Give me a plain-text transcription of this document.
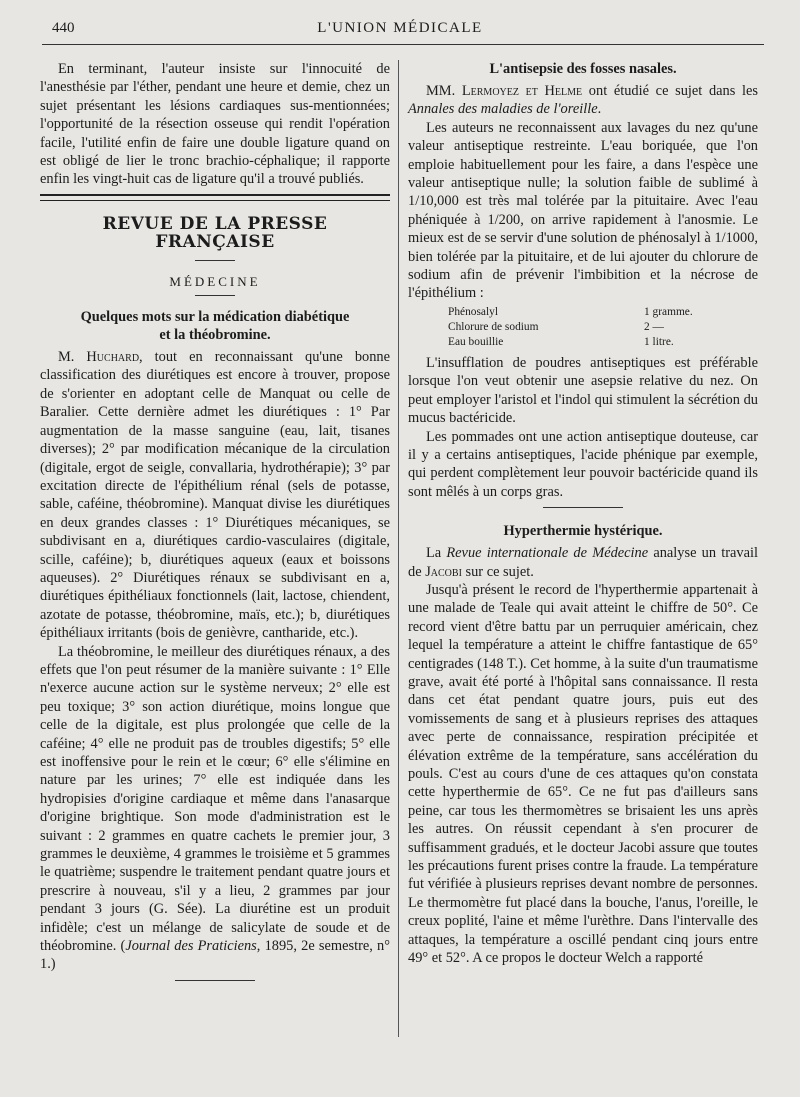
440	L'UNION MÉDICALE

En terminant, l'auteur insiste sur l'innocuité de l'anesthésie par l'éther, pendant une heure et demie, chez un sujet présentant les lésions cardiaques sus-mentionnées; l'opportunité de la résection osseuse qui rendit l'opération facile, l'utilité enfin de faire une double ligature quand on est obligé de lier le tronc brachio-céphalique; il rapporte enfin les vingt-huit cas de ligature qu'il a trouvé publiés.

REVUE DE LA PRESSE FRANÇAISE
MÉDECINE
Quelques mots sur la médication diabétique
et la théobromine.

M. Huchard, tout en reconnaissant qu'une bonne classification des diurétiques est encore à trouver, propose de s'orienter en adoptant celle de Manquat ou celle de Baralier. Cette dernière admet les diurétiques : 1° Par augmentation de la masse sanguine (eau, lait, tisanes diverses); 2° par modification mécanique de la circulation (digitale, ergot de seigle, convallaria, hydrothérapie); 3° par excitation directe de l'épithélium rénal (sels de potasse, sable, caféine, théobromine). Manquat divise les diurétiques en deux grandes classes : 1° Diurétiques mécaniques, se subdivisant en a, diurétiques cardio-vasculaires (digitale, scille, caféine); b, diurétiques aqueux (eaux et boissons aqueuses). 2° Diurétiques rénaux se subdivisant en a, diurétiques épithéliaux fonctionnels (lait, lactose, chiendent, azotate de potasse, théobromine, maïs, etc.); b, diurétiques épithéliaux irritants (bois de genièvre, cantharide, etc.).

La théobromine, le meilleur des diurétiques rénaux, a des effets que l'on peut résumer de la manière suivante : 1° Elle n'exerce aucune action sur le système nerveux; 2° elle est peu toxique; 3° son action diurétique, moins longue que celle de la digitale, est plus prolongée que celle de la caféine; 4° elle ne produit pas de troubles digestifs; 5° elle est inoffensive pour le rein et le cœur; 6° elle s'élimine en nature par les urines; 7° elle est indiquée dans les hydropisies d'origine cardiaque et même dans l'anasarque d'origine brightique. Son mode d'administration est le suivant : 2 grammes en quatre cachets le premier jour, 3 grammes le deuxième, 4 grammes le troisième et 5 grammes le quatrième; suspendre le traitement pendant quatre jours et prescrire à nouveau, s'il y a lieu, 2 grammes par jour pendant 3 jours (G. Sée). La diurétine est un produit infidèle; c'est un mélange de salicylate de soude et de théobromine. (Journal des Praticiens, 1895, 2e semestre, n° 1.)

L'antisepsie des fosses nasales.

MM. Lermoyez et Helme ont étudié ce sujet dans les Annales des maladies de l'oreille.

Les auteurs ne reconnaissent aux lavages du nez qu'une valeur antiseptique restreinte. L'eau boriquée, que l'on emploie habituellement pour les faire, a dans l'espèce une valeur antiseptique nulle; la solution faible de sublimé à 1/10,000 est très mal tolérée par la pituitaire. Avec l'eau phéniquée à 1/200, on arrive rapidement à l'anosmie. Le mieux est de se servir d'une solution de phénosalyl à 1/1000, bien tolérée par la pituitaire, et de lui ajouter du chlorure de sodium afin de prévenir l'imbibition et la nécrose de l'épithélium :

Phénosalyl	1 gramme.
Chlorure de sodium	2 —
Eau bouillie	1 litre.

L'insufflation de poudres antiseptiques est préférable lorsque l'on veut obtenir une asepsie relative du nez. On peut employer l'aristol et l'indol qui stimulent la sécrétion du mucus bactéricide.

Les pommades ont une action antiseptique douteuse, car il y a certains antiseptiques, l'acide phénique par exemple, qui perdent complètement leur pouvoir bactéricide quand ils sont mêlés à un corps gras.

Hyperthermie hystérique.

La Revue internationale de Médecine analyse un travail de Jacobi sur ce sujet.

Jusqu'à présent le record de l'hyperthermie appartenait à une malade de Teale qui avait atteint le chiffre de 50°. Ce record vient d'être battu par un perruquier américain, chez lequel la température a atteint le chiffre fantastique de 65° centigrades (148 T.). Cet homme, à la suite d'un traumatisme grave, avait été porté à l'hôpital sans connaissance. Il resta dans cet état pendant quatre jours, puis eut des vomissements de sang et à plusieurs reprises des attaques avec perte de connaissance, respiration précipitée et élévation extrême de la température, sans accélération du pouls. C'est au cours d'une de ces attaques qu'on constata cette hyperthermie de 65°. Ce ne fut pas d'ailleurs sans peine, car tous les thermomètres se brisaient les uns après les autres. On réussit cependant à s'en procurer de suffisamment gradués, et le docteur Jacobi assure que toutes les précautions furent prises contre la fraude. La température fut vérifiée à plusieurs reprises devant nombre de personnes. Le thermomètre fut placé dans la bouche, l'anus, l'oreille, le creux poplité, l'aine et même l'urèthre. Dans l'intervalle des attaques, la température a oscillé pendant cinq jours entre 49° et 52°. A ce propos le docteur Welch a rapporté
